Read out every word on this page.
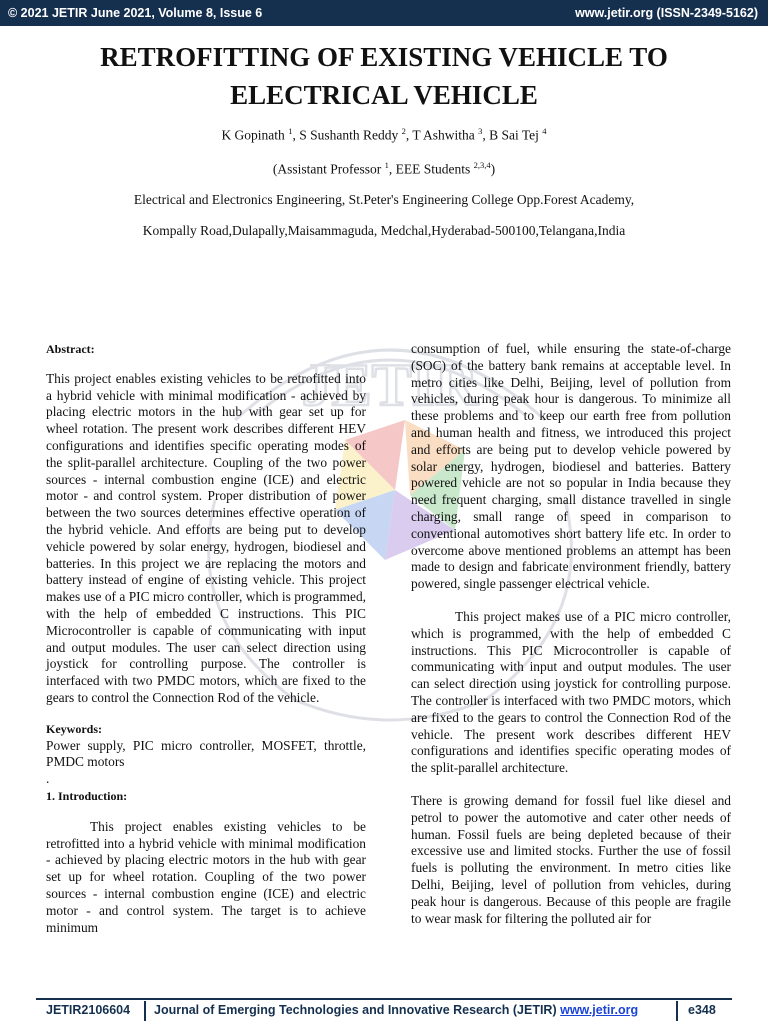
© 2021 JETIR June 2021, Volume 8, Issue 6	www.jetir.org (ISSN-2349-5162)
RETROFITTING OF EXISTING VEHICLE TO
ELECTRICAL VEHICLE
K Gopinath $^1$, S Sushanth Reddy $^2$, T Ashwitha $^3$, B Sai Tej $^4$
(Assistant Professor $^1$, EEE Students $^{2,3,4}$)
Electrical and Electronics Engineering, St.Peter's Engineering College Opp.Forest Academy,
Kompally Road,Dulapally,Maisammaguda, Medchal,Hyderabad-500100,Telangana,India
JETIR

Abstract:

This project enables existing vehicles to be retrofitted into a hybrid vehicle with minimal modification - achieved by placing electric motors in the hub with gear set up for wheel rotation. The present work describes different HEV configurations and identifies specific operating modes of the split-parallel architecture. Coupling of the two power sources - internal combustion engine (ICE) and electric motor - and control system. Proper distribution of power between the two sources determines effective operation of the hybrid vehicle. And efforts are being put to develop vehicle powered by solar energy, hydrogen, biodiesel and batteries. In this project we are replacing the motors and battery instead of engine of existing vehicle. This project makes use of a PIC micro controller, which is programmed, with the help of embedded C instructions. This PIC Microcontroller is capable of communicating with input and output modules. The user can select direction using joystick for controlling purpose. The controller is interfaced with two PMDC motors, which are fixed to the gears to control the Connection Rod of the vehicle.

Keywords:

Power supply, PIC micro controller, MOSFET, throttle, PMDC motors

.

1. Introduction:

This project enables existing vehicles to be retrofitted into a hybrid vehicle with minimal modification - achieved by placing electric motors in the hub with gear set up for wheel rotation. Coupling of the two power sources - internal combustion engine (ICE) and electric motor - and control system. The target is to achieve minimum

consumption of fuel, while ensuring the state-of-charge (SOC) of the battery bank remains at acceptable level. In metro cities like Delhi, Beijing, level of pollution from vehicles, during peak hour is dangerous. To minimize all these problems and to keep our earth free from pollution and human health and fitness, we introduced this project and efforts are being put to develop vehicle powered by solar energy, hydrogen, biodiesel and batteries. Battery powered vehicle are not so popular in India because they need frequent charging, small distance travelled in single charging, small range of speed in comparison to conventional automotives short battery life etc. In order to overcome above mentioned problems an attempt has been made to design and fabricate environment friendly, battery powered, single passenger electrical vehicle.

This project makes use of a PIC micro controller, which is programmed, with the help of embedded C instructions. This PIC Microcontroller is capable of communicating with input and output modules. The user can select direction using joystick for controlling purpose. The controller is interfaced with two PMDC motors, which are fixed to the gears to control the Connection Rod of the vehicle. The present work describes different HEV configurations and identifies specific operating modes of the split-parallel architecture.

There is growing demand for fossil fuel like diesel and petrol to power the automotive and cater other needs of human. Fossil fuels are being depleted because of their excessive use and limited stocks. Further the use of fossil fuels is polluting the environment. In metro cities like Delhi, Beijing, level of pollution from vehicles, during peak hour is dangerous. Because of this people are fragile to wear mask for filtering the polluted air for

JETIR2106604 Journal of Emerging Technologies and Innovative Research (JETIR) www.jetir.org	e348
